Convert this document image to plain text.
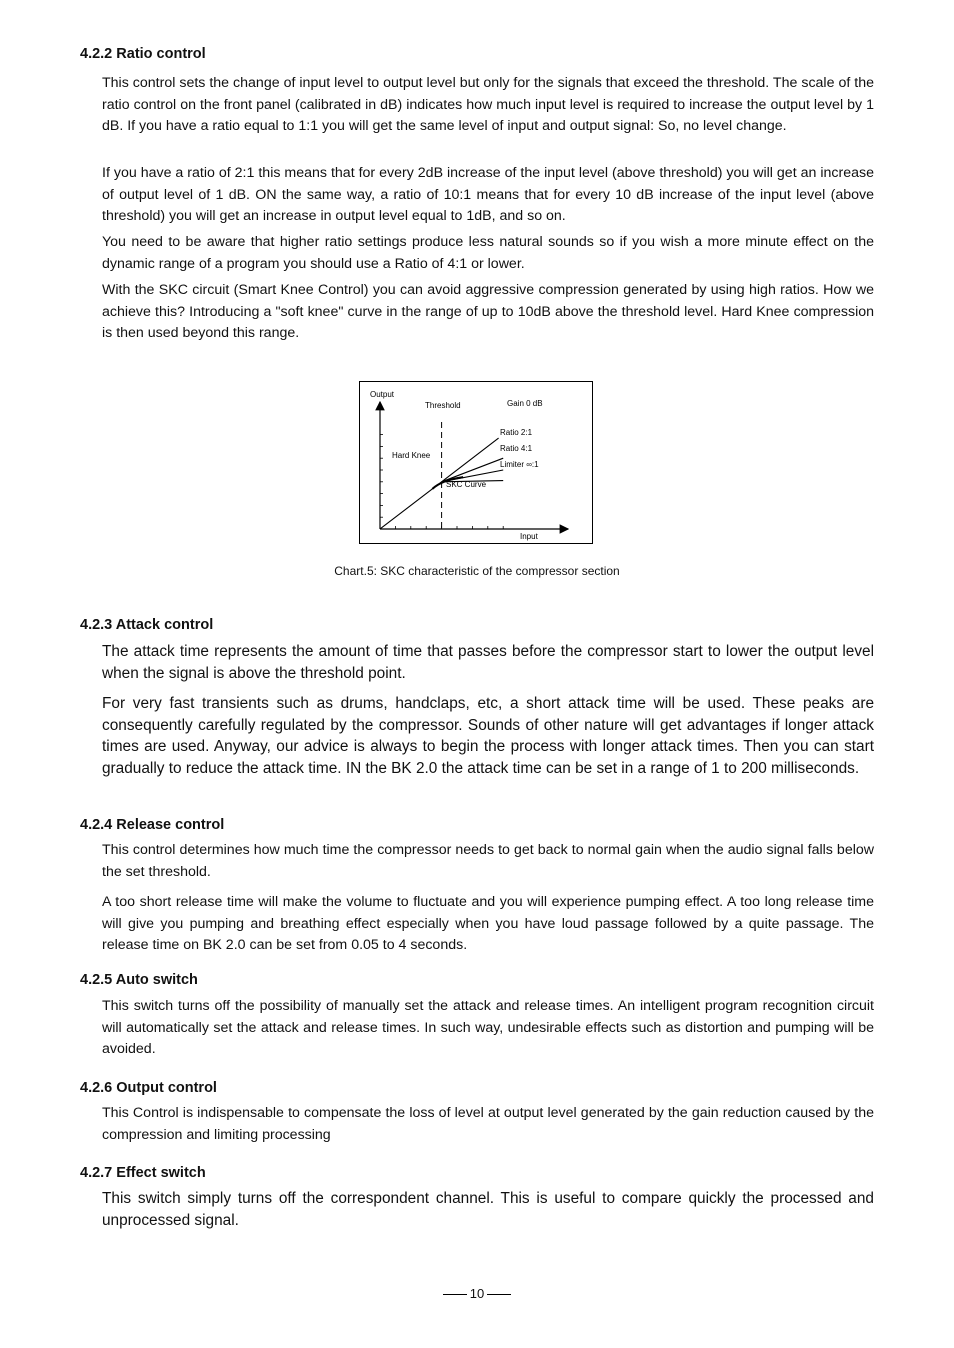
4.2.2 Ratio control

This control sets the change of input level to output level but only for the signals that exceed the threshold. The scale of the ratio control on the front panel (calibrated in dB) indicates how much input level is required to increase the output level by 1 dB. If you have a ratio equal to 1:1 you will get the same level of input and output signal: So, no level change.

If you have a ratio of 2:1 this means that for every 2dB increase of the input level (above threshold) you will get an increase of output level of 1 dB. ON the same way, a ratio of 10:1 means that for every 10 dB increase of the input level (above threshold) you will get an increase in output level equal to 1dB, and so on.

You need to be aware that higher ratio settings produce less natural sounds so if you wish a more minute effect on the dynamic range of a program you should use a Ratio of 4:1 or lower.

With the SKC circuit (Smart Knee Control) you can avoid aggressive compression generated by using high ratios. How we achieve this? Introducing a "soft knee" curve in the range of up to 10dB above the threshold level. Hard Knee compression is then used beyond this range.

Output
Input
Threshold
Hard Knee
SKC Curve
Gain 0 dB
Ratio 2:1
Ratio 4:1
Limiter ∞:1

Chart.5: SKC characteristic of the compressor section

4.2.3 Attack control

The attack time represents the amount of time that passes before the compressor start to lower the output level when the signal is above the threshold point.

For very fast transients such as drums, handclaps, etc, a short attack time will be used. These peaks are consequently carefully regulated by the compressor. Sounds of other nature will get advantages if longer attack times are used. Anyway, our advice is always to begin the process with longer attack times. Then you can start gradually to reduce the attack time. IN the BK 2.0 the attack time can be set in a range of 1 to 200 milliseconds.

4.2.4 Release control

This control determines how much time the compressor needs to get back to normal gain when the audio signal falls below the set threshold.

A too short release time will make the volume to fluctuate and you will experience pumping effect. A too long release time will give you pumping and breathing effect especially when you have loud passage followed by a quite passage. The release time on BK 2.0 can be set from 0.05 to 4 seconds.

4.2.5 Auto switch

This switch turns off the possibility of manually set the attack and release times. An intelligent program recognition circuit will automatically set the attack and release times. In such way, undesirable effects such as distortion and pumping will be avoided.

4.2.6 Output control

This Control is indispensable to compensate the loss of level at output level generated by the gain reduction caused by the compression and limiting processing

4.2.7 Effect switch

This switch simply turns off the correspondent channel. This is useful to compare quickly the processed and unprocessed signal.

10
